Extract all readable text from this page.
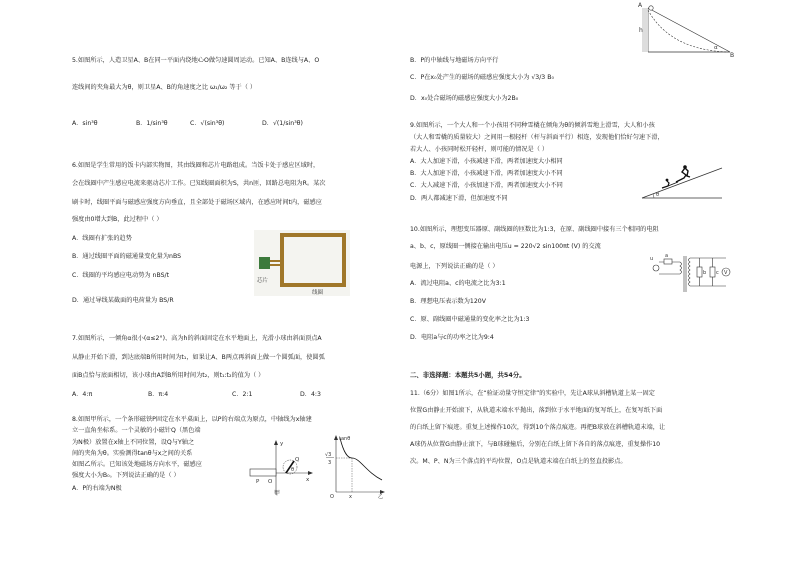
5.如图所示，人造卫星A、B在同一平面内绕地心O做匀速圆周运动。已知A、B连线与A、O
连线间的夹角最大为θ，则卫星A、B的角速度之比 ω₁/ω₂ 等于（ ）
A．sin³θ	B．1/sin³θ	C．√(sin³θ)	D．√(1/sin³θ)
6.如图是学生常用的饭卡内部实物图，其由线圈和芯片电路组成。当饭卡处于感应区域时，
会在线圈中产生感应电流来驱动芯片工作。已知线圈面积为S，共n匝，回路总电阻为R。某次
刷卡时，线圈平面与磁感应强度方向垂直，且全部处于磁场区域内，在感应时间t内，磁感应
强度由0增大到B，此过程中（ ）
A．线圈有扩张的趋势
B．通过线圈平面的磁通量变化量为nBS
C．线圈的平均感应电动势为 nBS/t
D．通过导线某截面的电荷量为 BS/R
芯片
线圈
7.如图所示，一倾角α很小(α≤2°)、高为h的斜面固定在水平地面上，光滑小球由斜面顶点A
从静止开始下滑，到达底端B所用时间为t₁，如果让A、B两点再斜面上做一个圆弧面，使圆弧
面B点恰与底面相切，该小球由A到B所用时间为t₂，则t₁:t₂的值为（ ）
A．4:π	B．π:4	C．2:1	D．4:3
8.如图甲所示，一个条形磁铁P固定在水平桌面上，以P的右端点为原点，中轴线为x轴建
立一直角坐标系。一个灵敏的小磁针Q（黑色端
为N极）放置在x轴上不同位置，设Q与Y轴之
间的夹角为θ。实验测得tanθ与x之间的关系
如图乙所示。已知该处地磁场方向水平，磁感应
强度大小为B₀。下列说法正确的是（ ）
A．P的右端为N极
y
x
P O
Q
θ
甲
tanθ
√3
3
O	x	乙
A
h
α
B
B．P的中轴线与地磁场方向平行
C．P在x₀处产生的磁场的磁感应强度大小为 √3/3 B₀
D．x₀处合磁场的磁感应强度大小为2B₀
9.如图所示，一个大人和一个小孩用不同种雪橇在倾角为θ的倾斜雪地上滑雪，大人和小孩
（大人和雪橇的质量较大）之间用一根轻杆（杆与斜面平行）相连，发现他们恰好匀速下滑，
若大人、小孩同时松开轻杆，则可能的情况是（ ）
A．大人加速下滑，小孩减速下滑，两者加速度大小相同
B．大人加速下滑，小孩减速下滑，两者加速度大小不同
C．大人减速下滑，小孩加速下滑，两者加速度大小不同
D．两人都减速下滑，但加速度不同	θ
10.如图所示，理想变压器原、副线圈的匝数比为1:3，在原、副线圈中接有三个相同的电阻
a、b、c，原线圈一侧接在输出电压u = 220√2 sin100πt (V) 的交流
电源上，下列说法正确的是（ ）
A．流过电阻a、c的电流之比为3:1
B．理想电压表示数为120V
C．原、副线圈中磁通量的变化率之比为1:3
D．电阻a与c的功率之比为9:4
u a
b c V
二、非选择题：本题共5小题，共54分。
11.（6分）如图1所示，在“验证动量守恒定律”的实验中，先让A球从斜槽轨道上某一固定
位置G由静止开始滚下，从轨道末端水平抛出，落到位于水平地面的复写纸上，在复写纸下面
的白纸上留下痕迹。重复上述操作10次，得到10个落点痕迹。再把B球放在斜槽轨道末端，让
A球仍从位置G由静止滚下，与B球碰撞后，分别在白纸上留下各自的落点痕迹，重复操作10
次。M、P、N为三个落点的平均位置，O点是轨道末端在白纸上的竖直投影点。
